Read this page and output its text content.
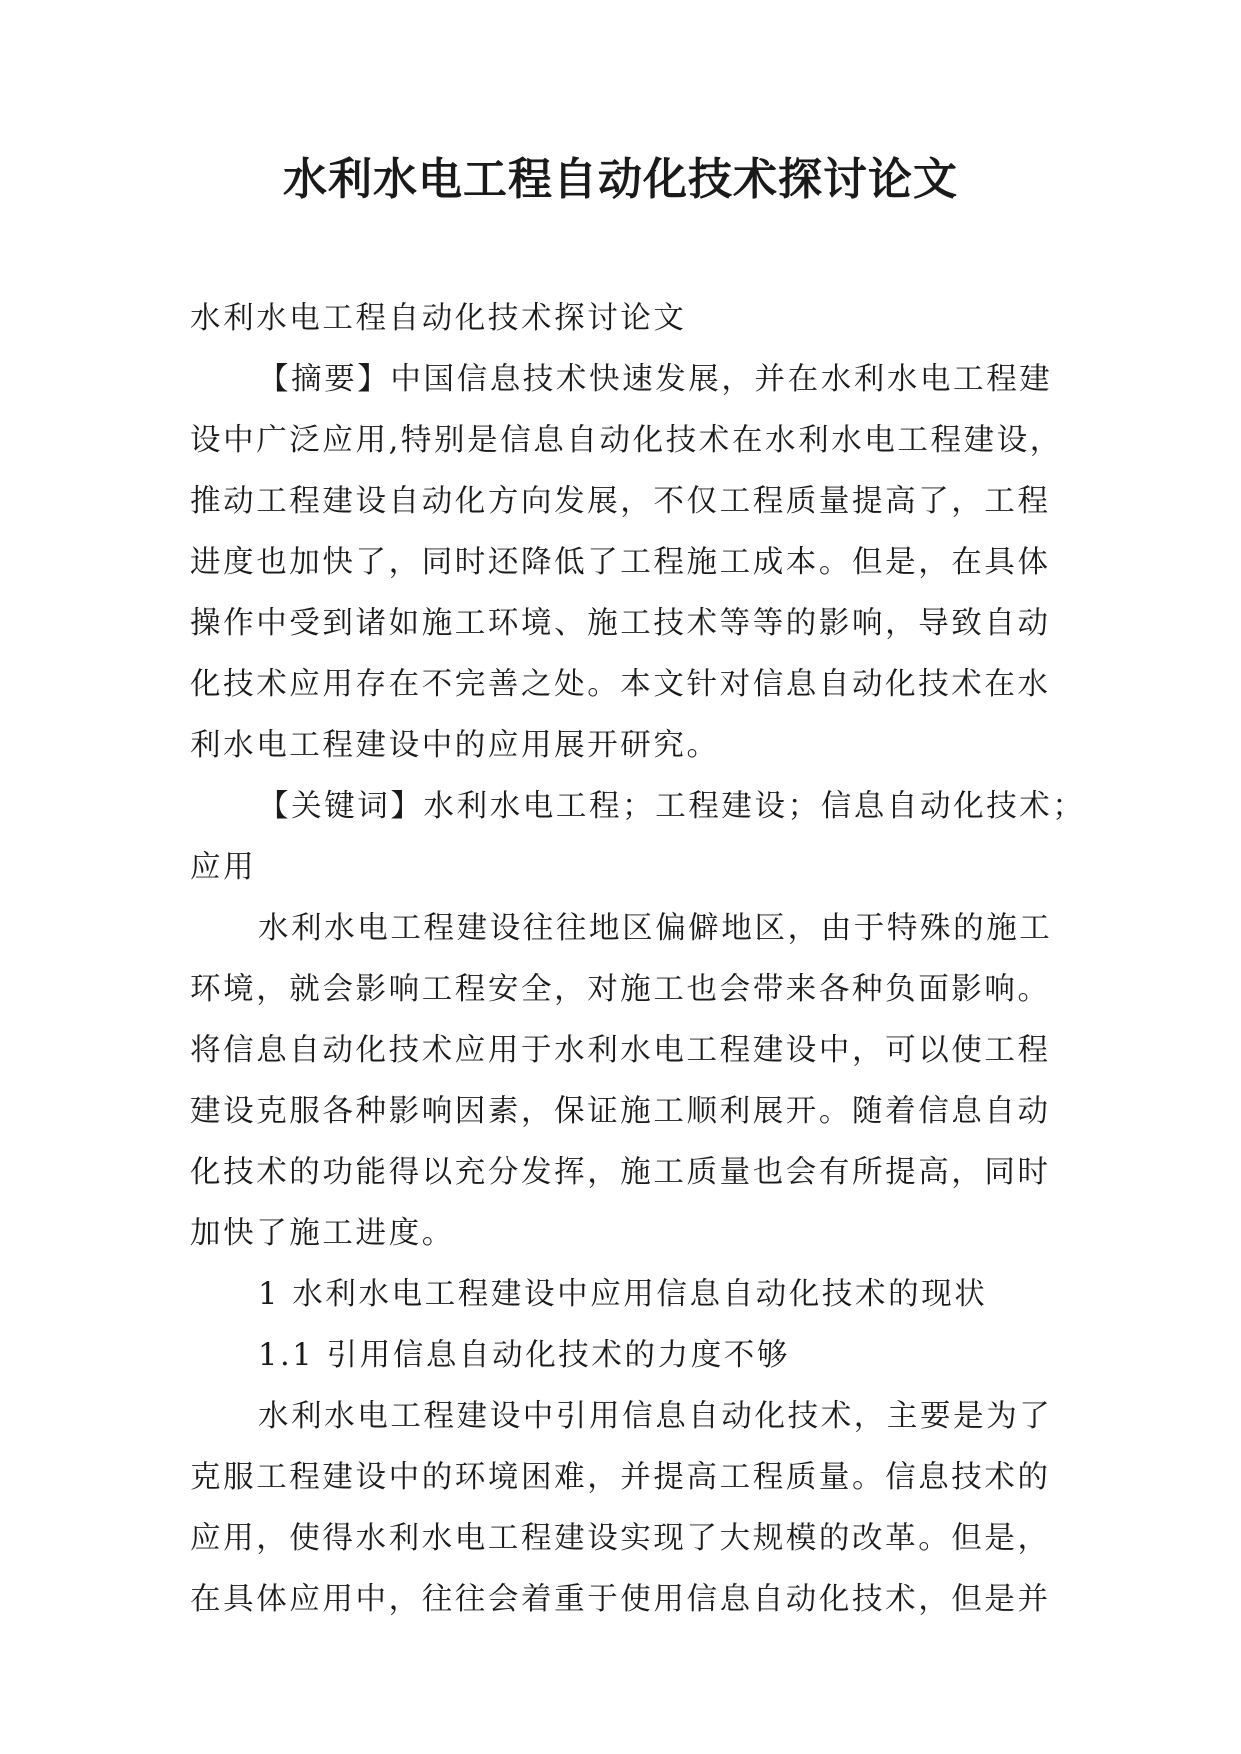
水利水电工程自动化技术探讨论文

水利水电工程自动化技术探讨论文

【摘要】中国信息技术快速发展，并在水利水电工程建
设中广泛应用,特别是信息自动化技术在水利水电工程建设，
推动工程建设自动化方向发展，不仅工程质量提高了，工程
进度也加快了，同时还降低了工程施工成本。但是，在具体
操作中受到诸如施工环境、施工技术等等的影响，导致自动
化技术应用存在不完善之处。本文针对信息自动化技术在水
利水电工程建设中的应用展开研究。

【关键词】水利水电工程；工程建设；信息自动化技术；
应用

水利水电工程建设往往地区偏僻地区，由于特殊的施工
环境，就会影响工程安全，对施工也会带来各种负面影响。
将信息自动化技术应用于水利水电工程建设中，可以使工程
建设克服各种影响因素，保证施工顺利展开。随着信息自动
化技术的功能得以充分发挥，施工质量也会有所提高，同时
加快了施工进度。

1 水利水电工程建设中应用信息自动化技术的现状

1.1 引用信息自动化技术的力度不够

水利水电工程建设中引用信息自动化技术，主要是为了
克服工程建设中的环境困难，并提高工程质量。信息技术的
应用，使得水利水电工程建设实现了大规模的改革。但是，
在具体应用中，往往会着重于使用信息自动化技术，但是并
